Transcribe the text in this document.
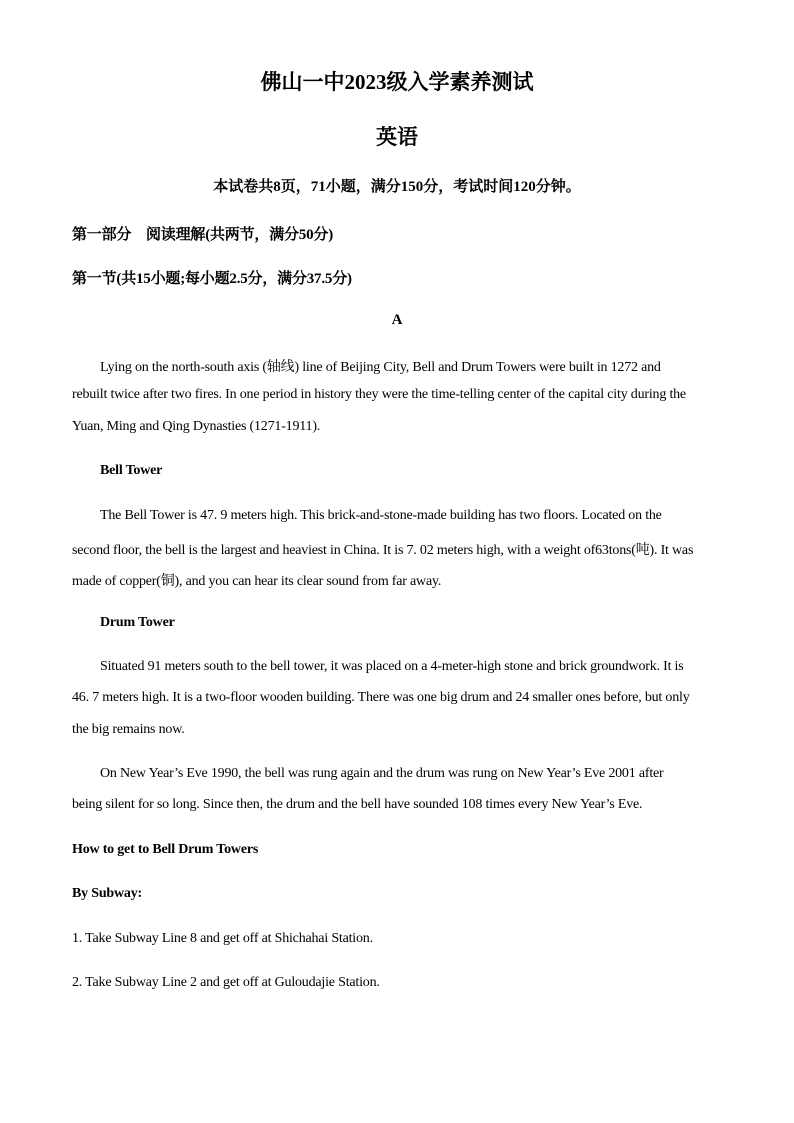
佛山一中2023级入学素养测试
英语
本试卷共8页，71小题，满分150分，考试时间120分钟。
第一部分　阅读理解(共两节，满分50分)
第一节(共15小题;每小题2.5分，满分37.5分)
A
Lying on the north-south axis (轴线) line of Beijing City, Bell and Drum Towers were built in 1272 and
rebuilt twice after two fires. In one period in history they were the time-telling center of the capital city during the
Yuan, Ming and Qing Dynasties (1271-1911).
Bell Tower
The Bell Tower is 47. 9 meters high. This brick-and-stone-made building has two floors. Located on the
second floor, the bell is the largest and heaviest in China. It is 7. 02 meters high, with a weight of63tons(吨). It was
made of copper(铜), and you can hear its clear sound from far away.
Drum Tower
Situated 91 meters south to the bell tower, it was placed on a 4-meter-high stone and brick groundwork. It is
46. 7 meters high. It is a two-floor wooden building. There was one big drum and 24 smaller ones before, but only
the big remains now.
On New Year’s Eve 1990, the bell was rung again and the drum was rung on New Year’s Eve 2001 after
being silent for so long. Since then, the drum and the bell have sounded 108 times every New Year’s Eve.
How to get to Bell Drum Towers
By Subway:
1. Take Subway Line 8 and get off at Shichahai Station.
2. Take Subway Line 2 and get off at Guloudajie Station.
